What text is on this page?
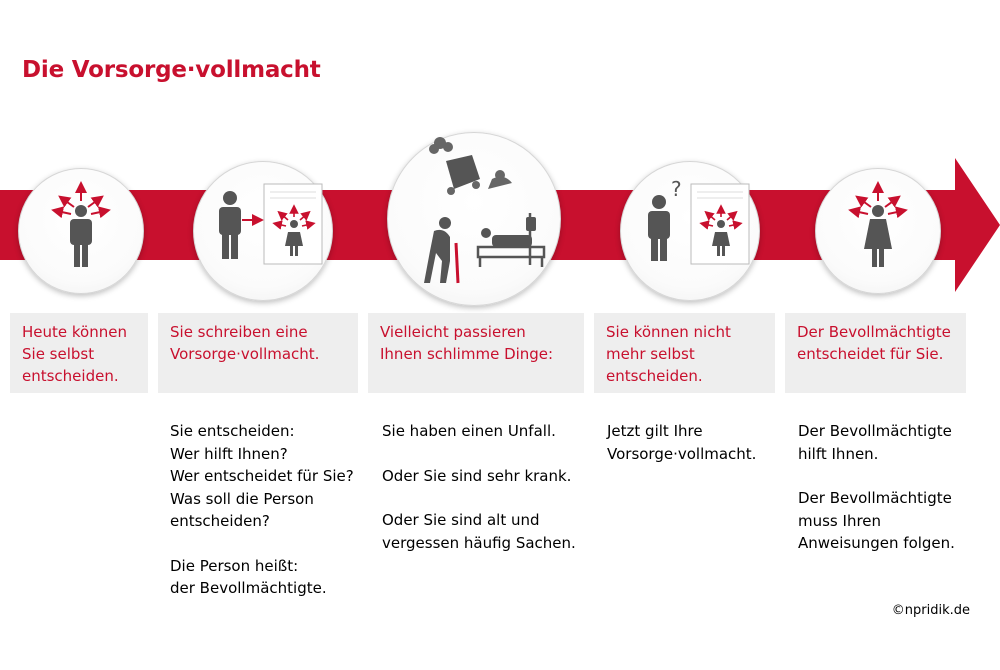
Die Vorsorge·vollmacht
?
Heute können
Sie selbst
entscheiden.
Sie schreiben eine
Vorsorge·vollmacht.
Vielleicht passieren
Ihnen schlimme Dinge:
Sie können nicht
mehr selbst
entscheiden.
Der Bevollmächtigte
entscheidet für Sie.
Sie entscheiden:
Wer hilft Ihnen?
Wer entscheidet für Sie?
Was soll die Person
entscheiden?
Die Person heißt:
der Bevollmächtigte.
Sie haben einen Unfall.
Oder Sie sind sehr krank.
Oder Sie sind alt und
vergessen häufig Sachen.
Jetzt gilt Ihre
Vorsorge·vollmacht.
Der Bevollmächtigte
hilft Ihnen.
Der Bevollmächtigte
muss Ihren
Anweisungen folgen.
©npridik.de
